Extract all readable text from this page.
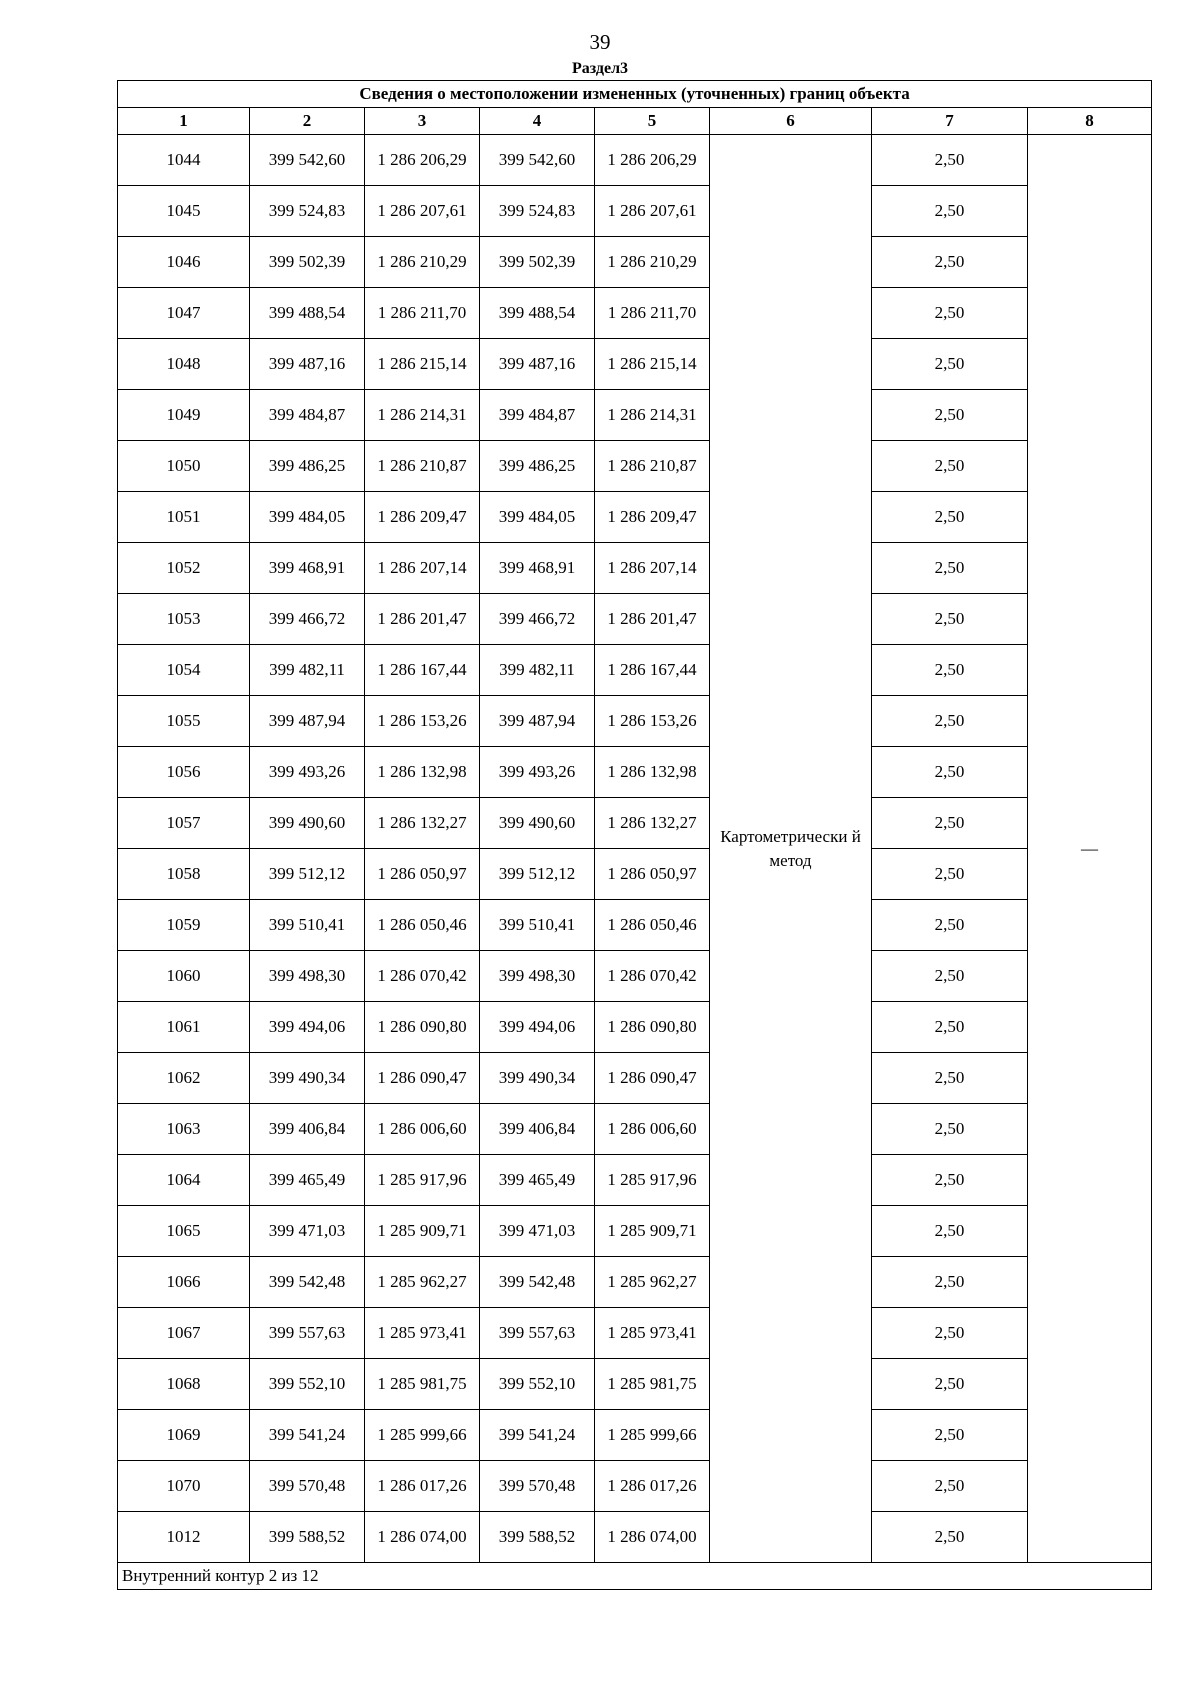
39
Раздел3
Сведения о местоположении измененных (уточненных) границ объекта							
1	2	3	4	5	6	7	8
1044	399 542,60	1 286 206,29	399 542,60	1 286 206,29	Картометрически й метод	2,50	—
1045	399 524,83	1 286 207,61	399 524,83	1 286 207,61		2,50	
1046	399 502,39	1 286 210,29	399 502,39	1 286 210,29		2,50	
1047	399 488,54	1 286 211,70	399 488,54	1 286 211,70		2,50	
1048	399 487,16	1 286 215,14	399 487,16	1 286 215,14		2,50	
1049	399 484,87	1 286 214,31	399 484,87	1 286 214,31		2,50	
1050	399 486,25	1 286 210,87	399 486,25	1 286 210,87		2,50	
1051	399 484,05	1 286 209,47	399 484,05	1 286 209,47		2,50	
1052	399 468,91	1 286 207,14	399 468,91	1 286 207,14		2,50	
1053	399 466,72	1 286 201,47	399 466,72	1 286 201,47		2,50	
1054	399 482,11	1 286 167,44	399 482,11	1 286 167,44		2,50	
1055	399 487,94	1 286 153,26	399 487,94	1 286 153,26		2,50	
1056	399 493,26	1 286 132,98	399 493,26	1 286 132,98		2,50	
1057	399 490,60	1 286 132,27	399 490,60	1 286 132,27		2,50	
1058	399 512,12	1 286 050,97	399 512,12	1 286 050,97		2,50	
1059	399 510,41	1 286 050,46	399 510,41	1 286 050,46		2,50	
1060	399 498,30	1 286 070,42	399 498,30	1 286 070,42		2,50	
1061	399 494,06	1 286 090,80	399 494,06	1 286 090,80		2,50	
1062	399 490,34	1 286 090,47	399 490,34	1 286 090,47		2,50	
1063	399 406,84	1 286 006,60	399 406,84	1 286 006,60		2,50	
1064	399 465,49	1 285 917,96	399 465,49	1 285 917,96		2,50	
1065	399 471,03	1 285 909,71	399 471,03	1 285 909,71		2,50	
1066	399 542,48	1 285 962,27	399 542,48	1 285 962,27		2,50	
1067	399 557,63	1 285 973,41	399 557,63	1 285 973,41		2,50	
1068	399 552,10	1 285 981,75	399 552,10	1 285 981,75		2,50	
1069	399 541,24	1 285 999,66	399 541,24	1 285 999,66		2,50	
1070	399 570,48	1 286 017,26	399 570,48	1 286 017,26		2,50	
1012	399 588,52	1 286 074,00	399 588,52	1 286 074,00		2,50	
Внутренний контур 2 из 12							
